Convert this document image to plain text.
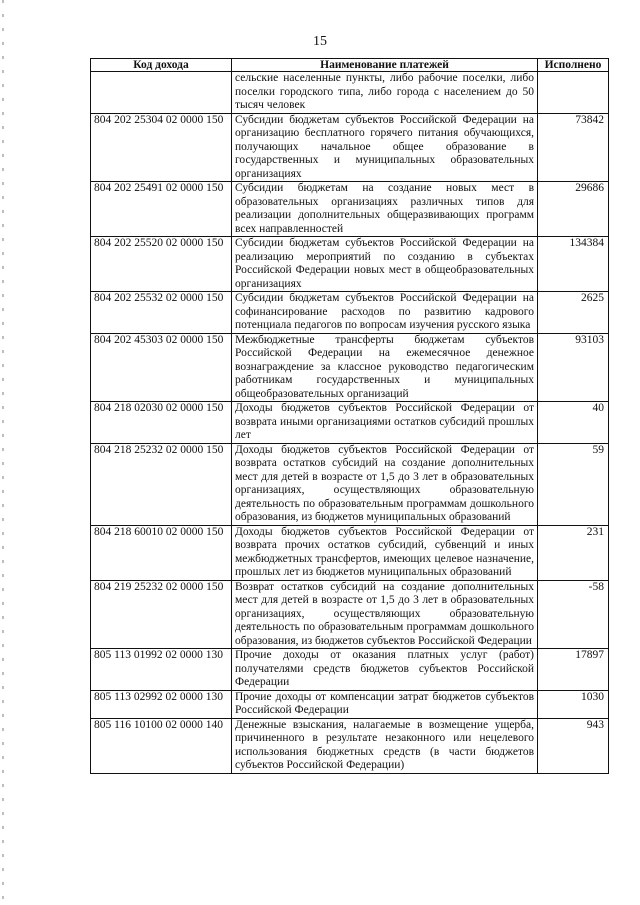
15
Код дохода	Наименование платежей	Исполнено
	сельские населенные пункты, либо рабочие поселки, либо поселки городского типа, либо города с населением до 50 тысяч человек	
804 202 25304 02 0000 150	Субсидии бюджетам субъектов Российской Федерации на организацию бесплатного горячего питания обучающихся, получающих начальное общее образование в государственных и муниципальных образовательных организациях	73842
804 202 25491 02 0000 150	Субсидии бюджетам на создание новых мест в образовательных организациях различных типов для реализации дополнительных общеразвивающих программ всех направленностей	29686
804 202 25520 02 0000 150	Субсидии бюджетам субъектов Российской Федерации на реализацию мероприятий по созданию в субъектах Российской Федерации новых мест в общеобразовательных организациях	134384
804 202 25532 02 0000 150	Субсидии бюджетам субъектов Российской Федерации на софинансирование расходов по развитию кадрового потенциала педагогов по вопросам изучения русского языка	2625
804 202 45303 02 0000 150	Межбюджетные трансферты бюджетам субъектов Российской Федерации на ежемесячное денежное вознаграждение за классное руководство педагогическим работникам государственных и муниципальных общеобразовательных организаций	93103
804 218 02030 02 0000 150	Доходы бюджетов субъектов Российской Федерации от возврата иными организациями остатков субсидий прошлых лет	40
804 218 25232 02 0000 150	Доходы бюджетов субъектов Российской Федерации от возврата остатков субсидий на создание дополнительных мест для детей в возрасте от 1,5 до 3 лет в образовательных организациях, осуществляющих образовательную деятельность по образовательным программам дошкольного образования, из бюджетов муниципальных образований	59
804 218 60010 02 0000 150	Доходы бюджетов субъектов Российской Федерации от возврата прочих остатков субсидий, субвенций и иных межбюджетных трансфертов, имеющих целевое назначение, прошлых лет из бюджетов муниципальных образований	231
804 219 25232 02 0000 150	Возврат остатков субсидий на создание дополнительных мест для детей в возрасте от 1,5 до 3 лет в образовательных организациях, осуществляющих образовательную деятельность по образовательным программам дошкольного образования, из бюджетов субъектов Российской Федерации	-58
805 113 01992 02 0000 130	Прочие доходы от оказания платных услуг (работ) получателями средств бюджетов субъектов Российской Федерации	17897
805 113 02992 02 0000 130	Прочие доходы от компенсации затрат бюджетов субъектов Российской Федерации	1030
805 116 10100 02 0000 140	Денежные взыскания, налагаемые в возмещение ущерба, причиненного в результате незаконного или нецелевого использования бюджетных средств (в части бюджетов субъектов Российской Федерации)	943
